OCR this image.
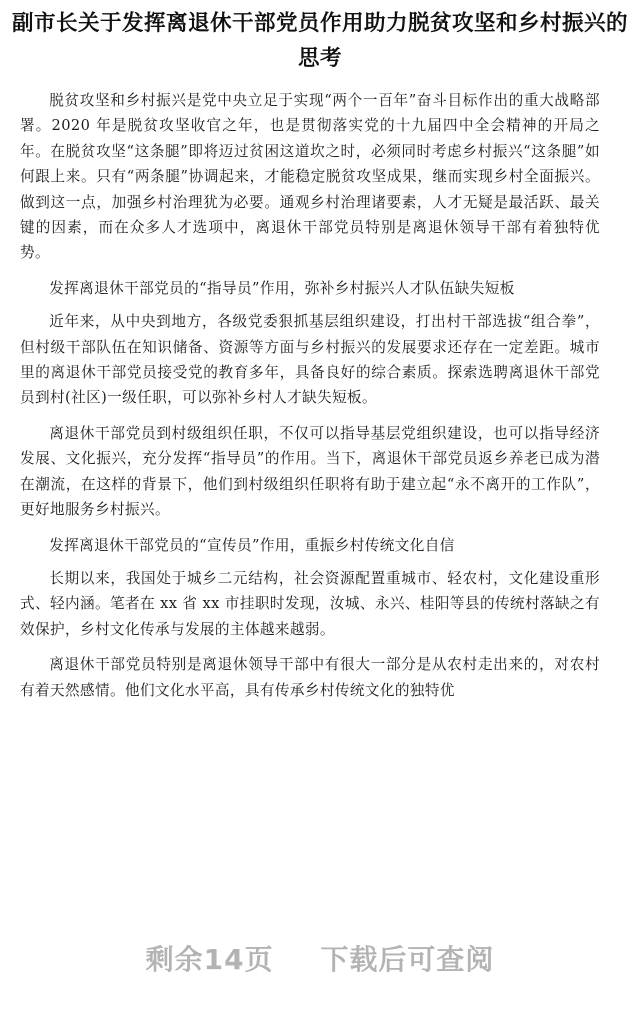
副市长关于发挥离退休干部党员作用助力脱贫攻坚和乡村振兴的思考

脱贫攻坚和乡村振兴是党中央立足于实现“两个一百年”奋斗目标作出的重大战略部署。2020 年是脱贫攻坚收官之年，也是贯彻落实党的十九届四中全会精神的开局之年。在脱贫攻坚“这条腿”即将迈过贫困这道坎之时，必须同时考虑乡村振兴“这条腿”如何跟上来。只有“两条腿”协调起来，才能稳定脱贫攻坚成果，继而实现乡村全面振兴。做到这一点，加强乡村治理犹为必要。通观乡村治理诸要素，人才无疑是最活跃、最关键的因素，而在众多人才选项中，离退休干部党员特别是离退休领导干部有着独特优势。

发挥离退休干部党员的“指导员”作用，弥补乡村振兴人才队伍缺失短板

近年来，从中央到地方，各级党委狠抓基层组织建设，打出村干部选拔“组合拳”，但村级干部队伍在知识储备、资源等方面与乡村振兴的发展要求还存在一定差距。城市里的离退休干部党员接受党的教育多年，具备良好的综合素质。探索选聘离退休干部党员到村(社区)一级任职，可以弥补乡村人才缺失短板。

离退休干部党员到村级组织任职，不仅可以指导基层党组织建设，也可以指导经济发展、文化振兴，充分发挥“指导员”的作用。当下，离退休干部党员返乡养老已成为潜在潮流，在这样的背景下，他们到村级组织任职将有助于建立起“永不离开的工作队”，更好地服务乡村振兴。

发挥离退休干部党员的“宣传员”作用，重振乡村传统文化自信

长期以来，我国处于城乡二元结构，社会资源配置重城市、轻农村，文化建设重形式、轻内涵。笔者在 xx 省 xx 市挂职时发现，汝城、永兴、桂阳等县的传统村落缺之有效保护，乡村文化传承与发展的主体越来越弱。

离退休干部党员特别是离退休领导干部中有很大一部分是从农村走出来的，对农村有着天然感情。他们文化水平高，具有传承乡村传统文化的独特优

剩余14页 下载后可查阅
